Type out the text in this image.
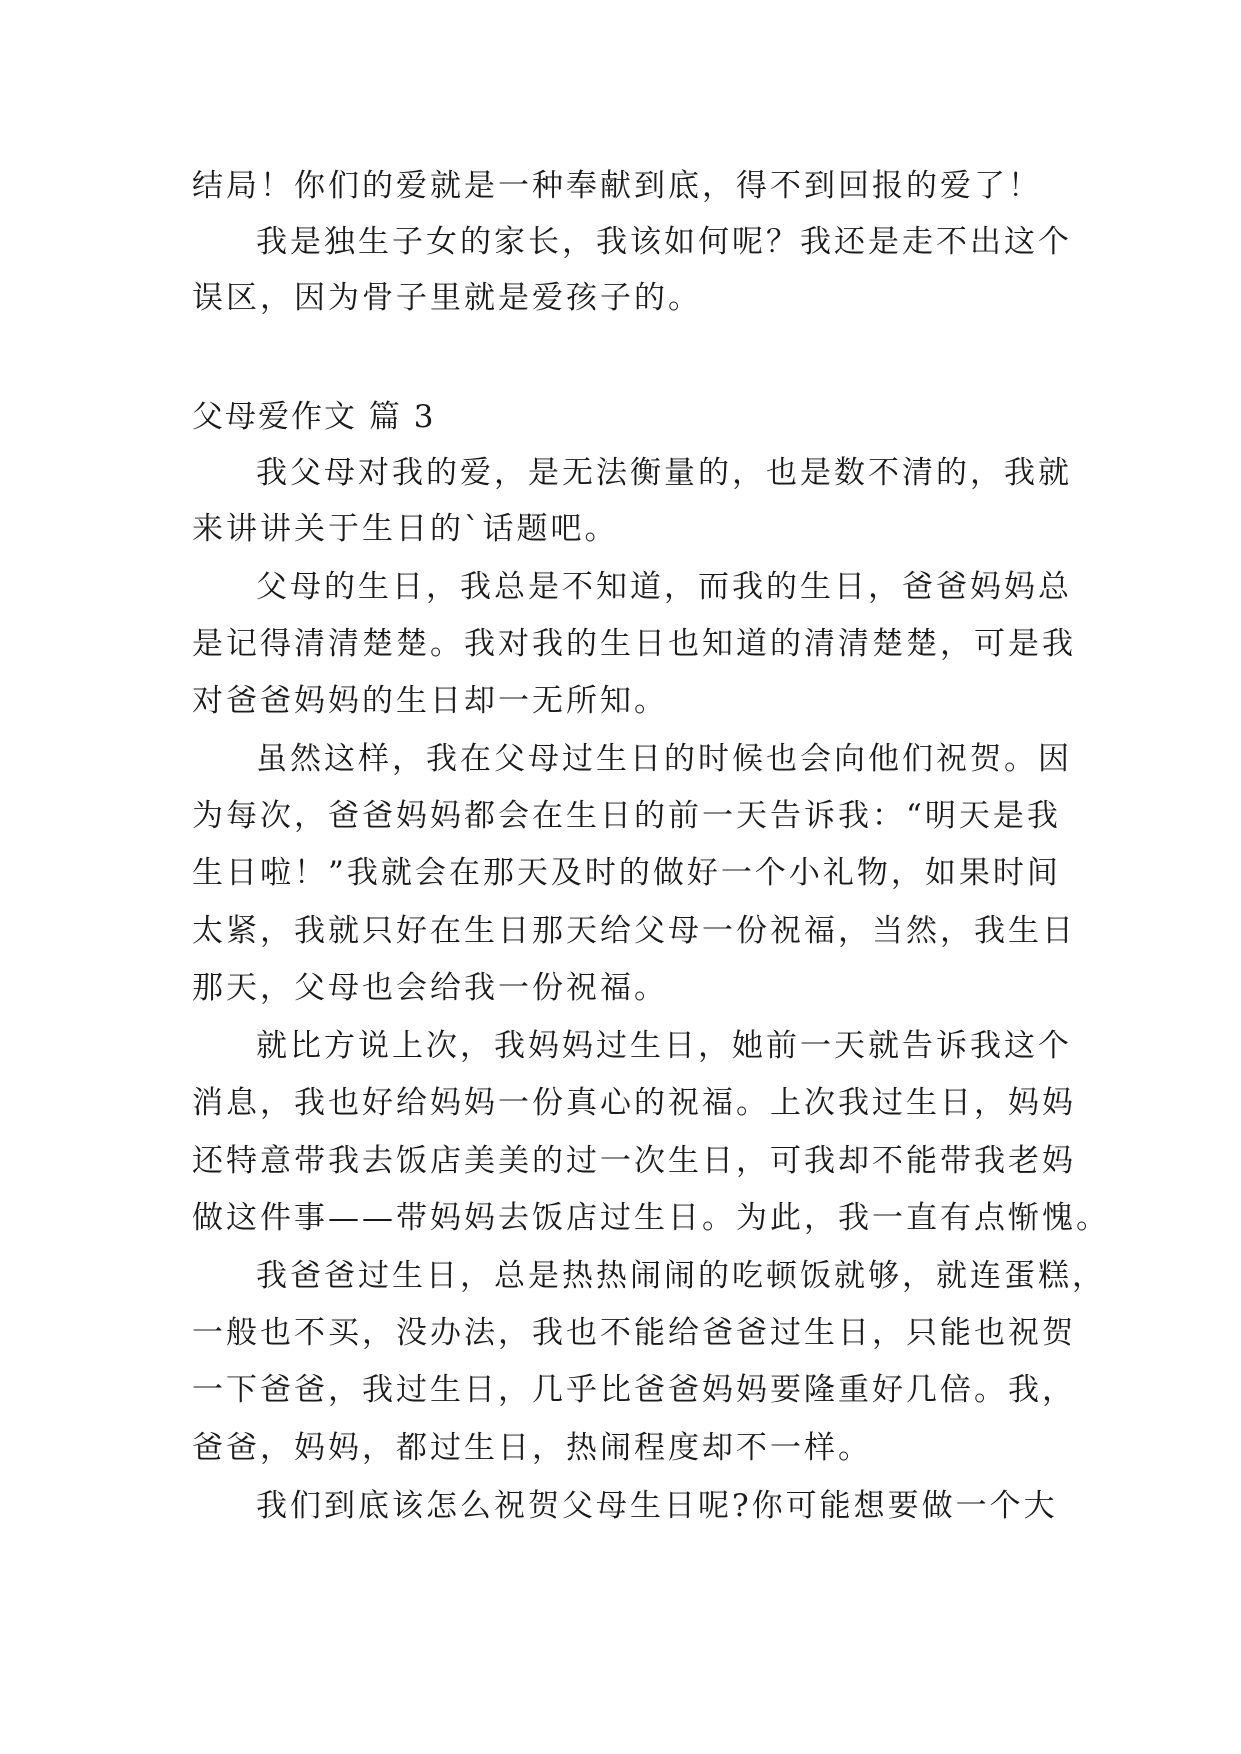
结局！你们的爱就是一种奉献到底，得不到回报的爱了！
我是独生子女的家长，我该如何呢？我还是走不出这个
误区，因为骨子里就是爱孩子的。
父母爱作文 篇 3
我父母对我的爱，是无法衡量的，也是数不清的，我就
来讲讲关于生日的`话题吧。
父母的生日，我总是不知道，而我的生日，爸爸妈妈总
是记得清清楚楚。我对我的生日也知道的清清楚楚，可是我
对爸爸妈妈的生日却一无所知。
虽然这样，我在父母过生日的时候也会向他们祝贺。因
为每次，爸爸妈妈都会在生日的前一天告诉我：“明天是我
生日啦！”我就会在那天及时的做好一个小礼物，如果时间
太紧，我就只好在生日那天给父母一份祝福，当然，我生日
那天，父母也会给我一份祝福。
就比方说上次，我妈妈过生日，她前一天就告诉我这个
消息，我也好给妈妈一份真心的祝福。上次我过生日，妈妈
还特意带我去饭店美美的过一次生日，可我却不能带我老妈
做这件事——带妈妈去饭店过生日。为此，我一直有点惭愧。
我爸爸过生日，总是热热闹闹的吃顿饭就够，就连蛋糕，
一般也不买，没办法，我也不能给爸爸过生日，只能也祝贺
一下爸爸，我过生日，几乎比爸爸妈妈要隆重好几倍。我，
爸爸，妈妈，都过生日，热闹程度却不一样。
我们到底该怎么祝贺父母生日呢?你可能想要做一个大
